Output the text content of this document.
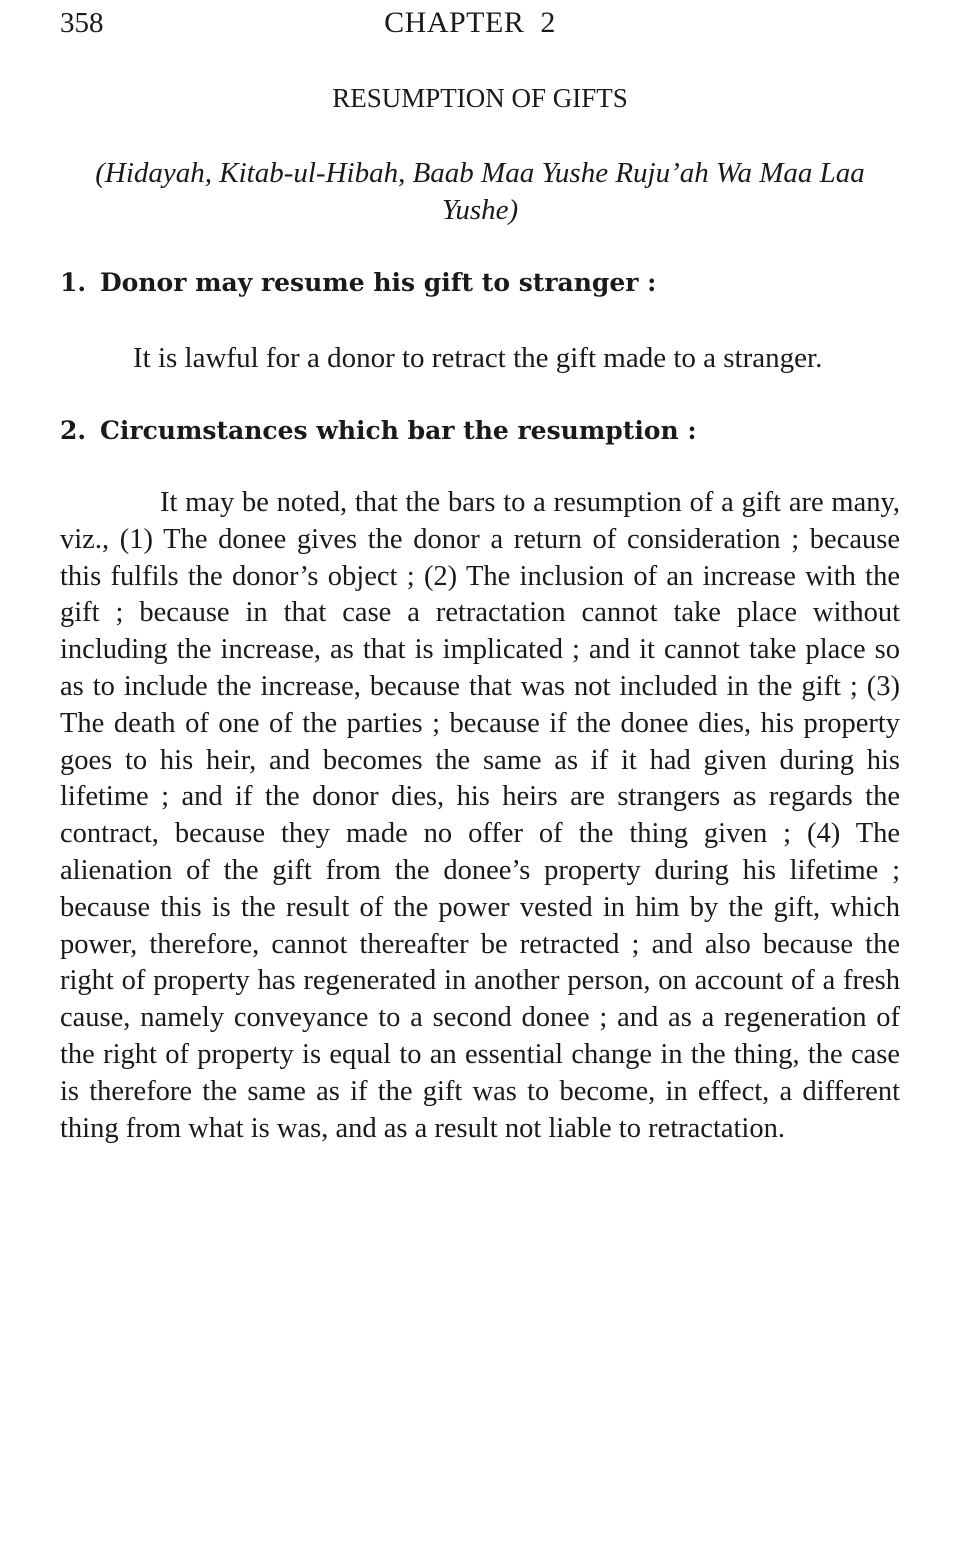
358	CHAPTER  2
RESUMPTION OF GIFTS
(Hidayah, Kitab-ul-Hibah, Baab Maa Yushe Ruju’ah Wa Maa Laa Yushe)
1. Donor may resume his gift to stranger :
It is lawful for a donor to retract the gift made to a stranger.
2. Circumstances which bar the resumption :
It may be noted, that the bars to a resumption of a gift are many, viz., (1) The donee gives the donor a return of consideration ; because this fulfils the donor’s object ; (2) The inclusion of an increase with the gift ; because in that case a retractation cannot take place without including the increase, as that is implicated ; and it cannot take place so as to include the increase, because that was not included in the gift ; (3) The death of one of the parties ; because if the donee dies, his property goes to his heir, and becomes the same as if it had given during his lifetime ; and if the donor dies, his heirs are strangers as regards the contract, because they made no offer of the thing given ; (4) The alienation of the gift from the donee’s property during his lifetime ; because this is the result of the power vested in him by the gift, which power, therefore, cannot thereafter be retracted ; and also because the right of property has regenerated in another person, on account of a fresh cause, namely conveyance to a second donee ; and as a regeneration of the right of property is equal to an essential change in the thing, the case is therefore the same as if the gift was to become, in effect, a different thing from what is was, and as a result not liable to retractation.
